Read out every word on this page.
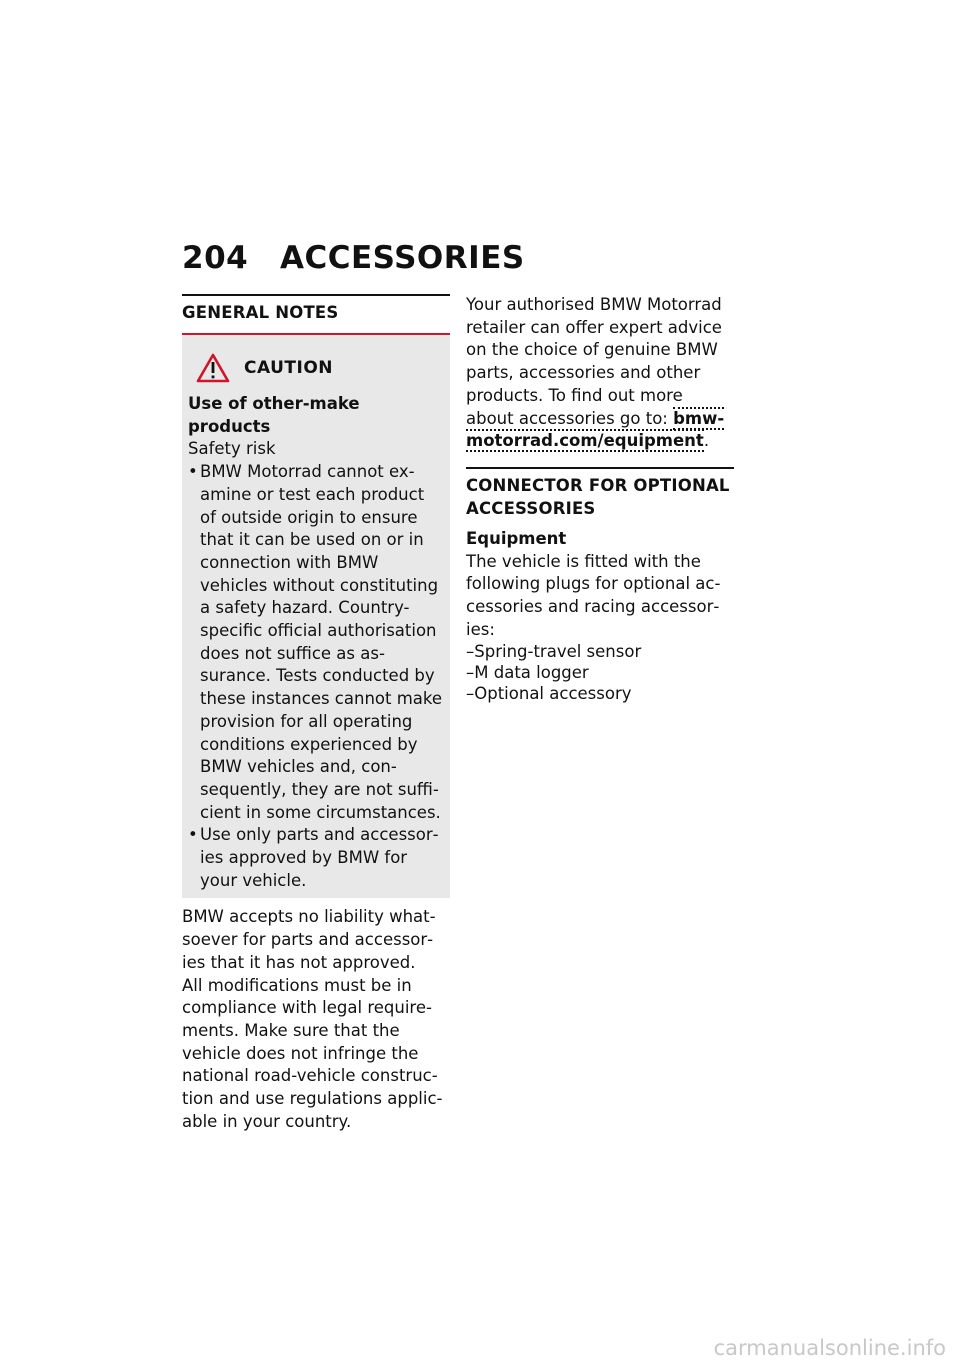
204	ACCESSORIES
GENERAL NOTES
CAUTION
Use of other-make products
Safety risk
• BMW Motorrad cannot examine or test each product of outside origin to ensure that it can be used on or in connection with BMW vehicles without constituting a safety hazard. Country-specific official authorisation does not suffice as assurance. Tests conducted by these instances cannot make provision for all operating conditions experienced by BMW vehicles and, consequently, they are not sufficient in some circumstances.
• Use only parts and accessories approved by BMW for your vehicle.

BMW accepts no liability whatsoever for parts and accessories that it has not approved.

All modifications must be in compliance with legal requirements. Make sure that the vehicle does not infringe the national road-vehicle construction and use regulations applicable in your country.

Your authorised BMW Motorrad retailer can offer expert advice on the choice of genuine BMW parts, accessories and other products. To find out more about accessories go to: bmw-motorrad.com/equipment.

CONNECTOR FOR OPTIONAL ACCESSORIES
Equipment

The vehicle is fitted with the following plugs for optional accessories and racing accessories:

–Spring-travel sensor
–M data logger
–Optional accessory
carmanualsonline.info
